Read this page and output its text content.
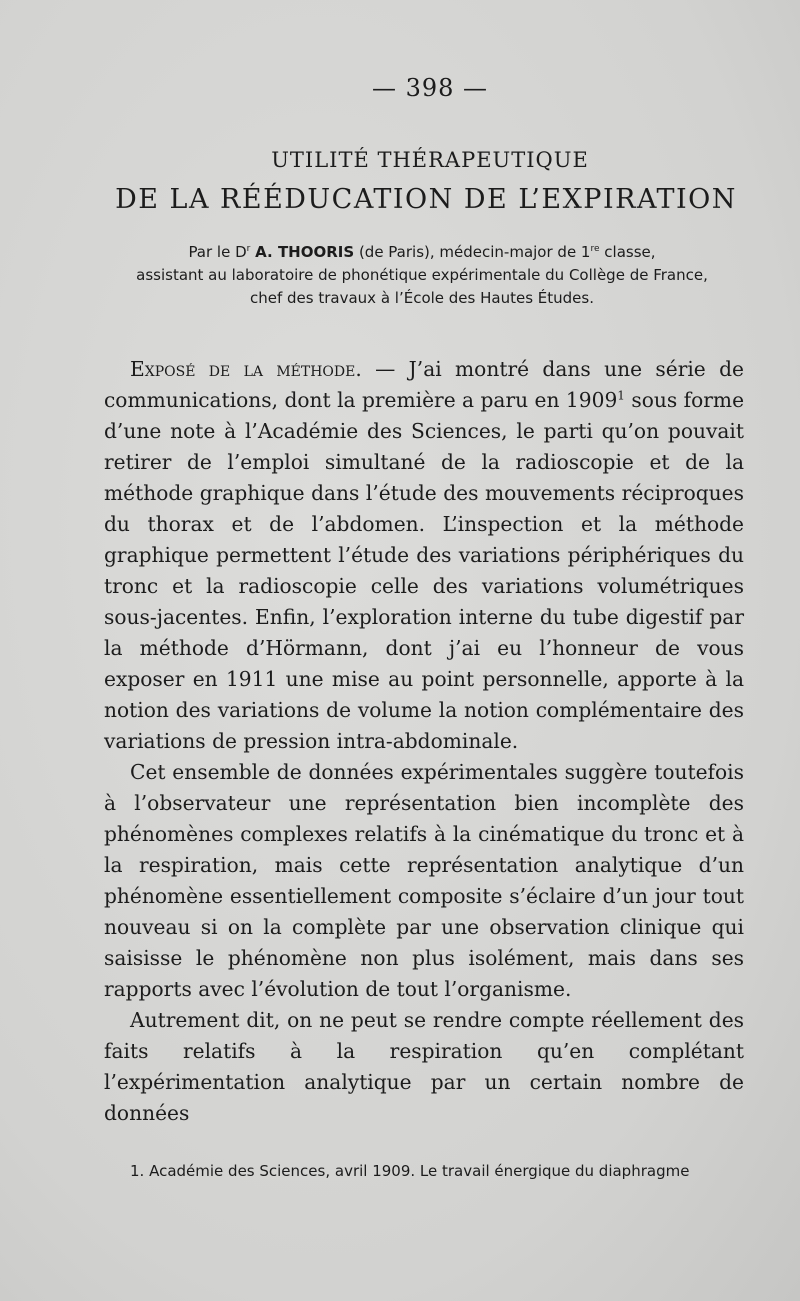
— 398 —
UTILITÉ THÉRAPEUTIQUE
DE LA RÉÉDUCATION DE L’EXPIRATION
Par le $D^r$ A. THOORIS (de Paris), médecin-major de 1re classe,
assistant au laboratoire de phonétique expérimentale du Collège de France,
chef des travaux à l’École des Hautes Études.

Exposé de la méthode. — J’ai montré dans une série de communications, dont la première a paru en 1909$^1$ sous forme d’une note à l’Académie des Sciences, le parti qu’on pouvait retirer de l’emploi simultané de la radioscopie et de la méthode graphique dans l’étude des mouvements réciproques du thorax et de l’abdomen. L’inspection et la méthode graphique permettent l’étude des variations périphériques du tronc et la radioscopie celle des variations volumétriques sous-jacentes. Enfin, l’exploration interne du tube digestif par la méthode d’Hörmann, dont j’ai eu l’honneur de vous exposer en 1911 une mise au point personnelle, apporte à la notion des variations de volume la notion complémentaire des variations de pression intra-abdominale.

Cet ensemble de données expérimentales suggère toutefois à l’observateur une représentation bien incomplète des phénomènes complexes relatifs à la cinématique du tronc et à la respiration, mais cette représentation analytique d’un phénomène essentiellement composite s’éclaire d’un jour tout nouveau si on la complète par une observation clinique qui saisisse le phénomène non plus isolément, mais dans ses rapports avec l’évolution de tout l’organisme.

Autrement dit, on ne peut se rendre compte réellement des faits relatifs à la respiration qu’en complétant l’expérimentation analytique par un certain nombre de données

1. Académie des Sciences, avril 1909. Le travail énergique du diaphragme
